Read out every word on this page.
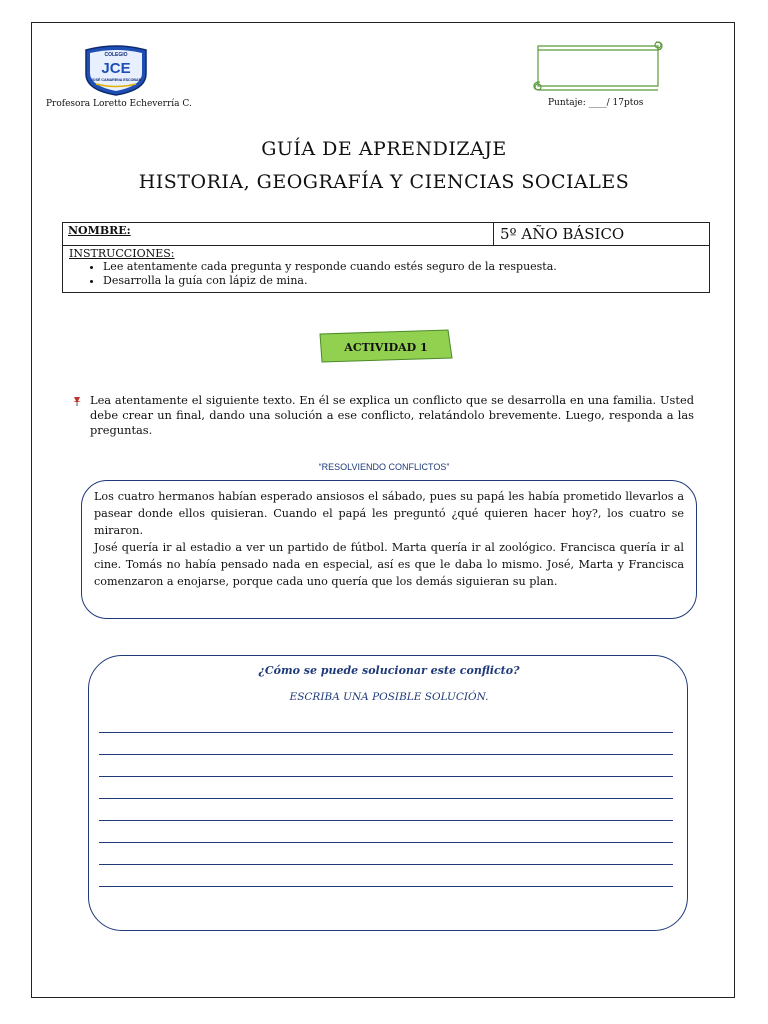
COLEGIO
JCE
JOSÉ CAMARENA ESCOBAR
Profesora Loretto Echeverría C.	Puntaje: ____/ 17ptos
GUÍA DE APRENDIZAJE
HISTORIA, GEOGRAFÍA Y CIENCIAS SOCIALES
NOMBRE:	5º AÑO BÁSICO
INSTRUCCIONES:
• Lee atentamente cada pregunta y responde cuando estés seguro de la respuesta.
• Desarrolla la guía con lápiz de mina.
ACTIVIDAD 1

Lea atentamente el siguiente texto. En él se explica un conflicto que se desarrolla en una familia. Usted debe crear un final, dando una solución a ese conflicto, relatándolo brevemente. Luego, responda a las preguntas.

“RESOLVIENDO CONFLICTOS”

Los cuatro hermanos habían esperado ansiosos el sábado, pues su papá les había prometido llevarlos a pasear donde ellos quisieran. Cuando el papá les preguntó ¿qué quieren hacer hoy?, los cuatro se miraron.

José quería ir al estadio a ver un partido de fútbol. Marta quería ir al zoológico. Francisca quería ir al cine. Tomás no había pensado nada en especial, así es que le daba lo mismo. José, Marta y Francisca comenzaron a enojarse, porque cada uno quería que los demás siguieran su plan.

¿Cómo se puede solucionar este conflicto?
ESCRIBA UNA POSIBLE SOLUCIÓN.
